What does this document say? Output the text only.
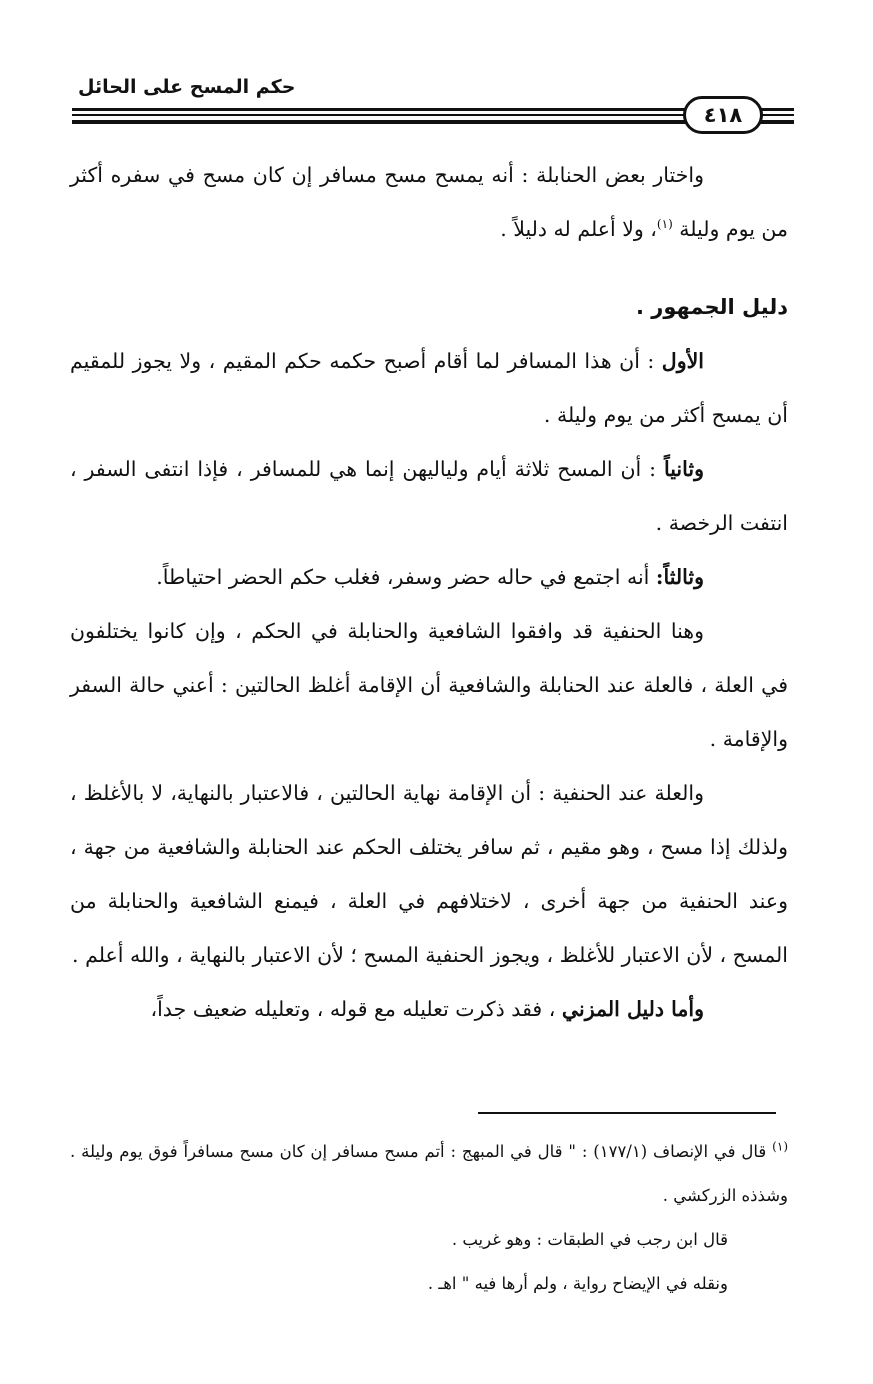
حكم المسح على الحائل
٤١٨

واختار بعض الحنابلة : أنه يمسح مسح مسافر إن كان مسح في سفره أكثر من يوم وليلة $^{(١)}$، ولا أعلم له دليلاً .

دليل الجمهور .

الأول : أن هذا المسافر لما أقام أصبح حكمه حكم المقيم ، ولا يجوز للمقيم أن يمسح أكثر من يوم وليلة .

وثانياً : أن المسح ثلاثة أيام ولياليهن إنما هي للمسافر ، فإذا انتفى السفر ، انتفت الرخصة .

وثالثاً: أنه اجتمع في حاله حضر وسفر، فغلب حكم الحضر احتياطاً.

وهنا الحنفية قد وافقوا الشافعية والحنابلة في الحكم ، وإن كانوا يختلفون في العلة ، فالعلة عند الحنابلة والشافعية أن الإقامة أغلظ الحالتين : أعني حالة السفر والإقامة .

والعلة عند الحنفية : أن الإقامة نهاية الحالتين ، فالاعتبار بالنهاية، لا بالأغلظ ، ولذلك إذا مسح ، وهو مقيم ، ثم سافر يختلف الحكم عند الحنابلة والشافعية من جهة ، وعند الحنفية من جهة أخرى ، لاختلافهم في العلة ، فيمنع الشافعية والحنابلة من المسح ، لأن الاعتبار للأغلظ ، ويجوز الحنفية المسح ؛ لأن الاعتبار بالنهاية ، والله أعلم .

وأما دليل المزني ، فقد ذكرت تعليله مع قوله ، وتعليله ضعيف جداً،

$^{(١)}$ قال في الإنصاف (١٧٧/١) : " قال في المبهج : أتم مسح مسافر إن كان مسح مسافراً فوق يوم وليلة . وشذذه الزركشي .

قال ابن رجب في الطبقات : وهو غريب .

ونقله في الإيضاح رواية ، ولم أرها فيه " اهـ .
